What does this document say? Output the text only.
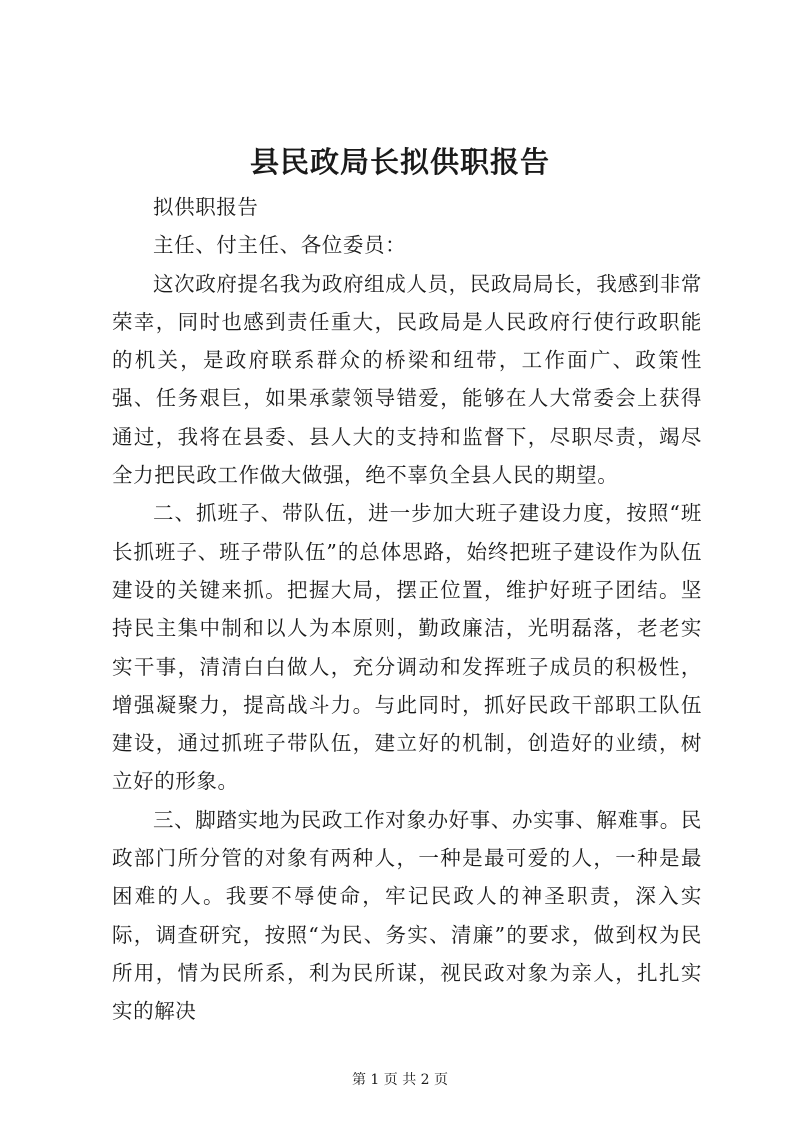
县民政局长拟供职报告

拟供职报告

主任、付主任、各位委员：

这次政府提名我为政府组成人员，民政局局长，我感到非常荣幸，同时也感到责任重大，民政局是人民政府行使行政职能的机关，是政府联系群众的桥梁和纽带，工作面广、政策性强、任务艰巨，如果承蒙领导错爱，能够在人大常委会上获得通过，我将在县委、县人大的支持和监督下，尽职尽责，竭尽全力把民政工作做大做强，绝不辜负全县人民的期望。

二、抓班子、带队伍，进一步加大班子建设力度，按照“班长抓班子、班子带队伍”的总体思路，始终把班子建设作为队伍建设的关键来抓。把握大局，摆正位置，维护好班子团结。坚持民主集中制和以人为本原则，勤政廉洁，光明磊落，老老实实干事，清清白白做人，充分调动和发挥班子成员的积极性，增强凝聚力，提高战斗力。与此同时，抓好民政干部职工队伍建设，通过抓班子带队伍，建立好的机制，创造好的业绩，树立好的形象。

三、脚踏实地为民政工作对象办好事、办实事、解难事。民政部门所分管的对象有两种人，一种是最可爱的人，一种是最困难的人。我要不辱使命，牢记民政人的神圣职责，深入实际，调查研究，按照“为民、务实、清廉”的要求，做到权为民所用，情为民所系，利为民所谋，视民政对象为亲人，扎扎实实的解决

第 1 页 共 2 页
